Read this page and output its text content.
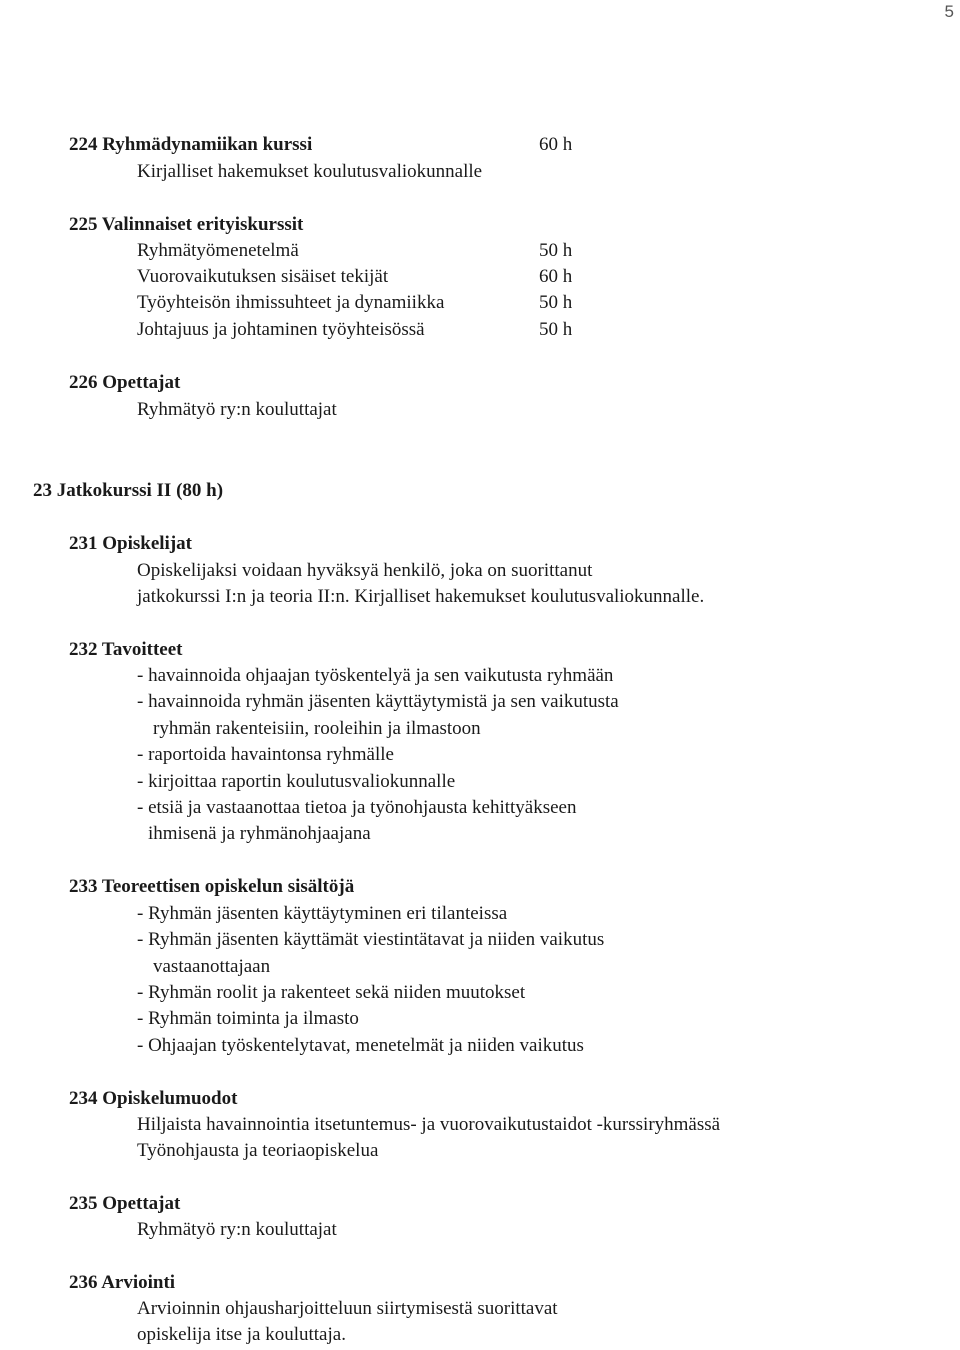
5
224 Ryhmädynamiikan kurssi	60 h
Kirjalliset hakemukset koulutusvaliokunnalle
225 Valinnaiset erityiskurssit
Ryhmätyömenetelmä	50 h
Vuorovaikutuksen sisäiset tekijät	60 h
Työyhteisön ihmissuhteet ja dynamiikka	50 h
Johtajuus ja johtaminen työyhteisössä	50 h
226 Opettajat
Ryhmätyö ry:n kouluttajat
23 Jatkokurssi II (80 h)
231 Opiskelijat
Opiskelijaksi voidaan hyväksyä henkilö, joka on suorittanut
jatkokurssi I:n ja teoria II:n. Kirjalliset hakemukset koulutusvaliokunnalle.
232 Tavoitteet
- havainnoida ohjaajan työskentelyä ja sen vaikutusta ryhmään
- havainnoida ryhmän jäsenten käyttäytymistä ja sen vaikutusta
ryhmän rakenteisiin, rooleihin ja ilmastoon
- raportoida havaintonsa ryhmälle
- kirjoittaa raportin koulutusvaliokunnalle
- etsiä ja vastaanottaa tietoa ja työnohjausta kehittyäkseen
ihmisenä ja ryhmänohjaajana
233 Teoreettisen opiskelun sisältöjä
- Ryhmän jäsenten käyttäytyminen eri tilanteissa
- Ryhmän jäsenten käyttämät viestintätavat ja niiden vaikutus
vastaanottajaan
- Ryhmän roolit ja rakenteet sekä niiden muutokset
- Ryhmän toiminta ja ilmasto
- Ohjaajan työskentelytavat, menetelmät ja niiden vaikutus
234 Opiskelumuodot
Hiljaista havainnointia itsetuntemus- ja vuorovaikutustaidot -kurssiryhmässä
Työnohjausta ja teoriaopiskelua
235 Opettajat
Ryhmätyö ry:n kouluttajat
236 Arviointi
Arvioinnin ohjausharjoitteluun siirtymisestä suorittavat
opiskelija itse ja kouluttaja.
